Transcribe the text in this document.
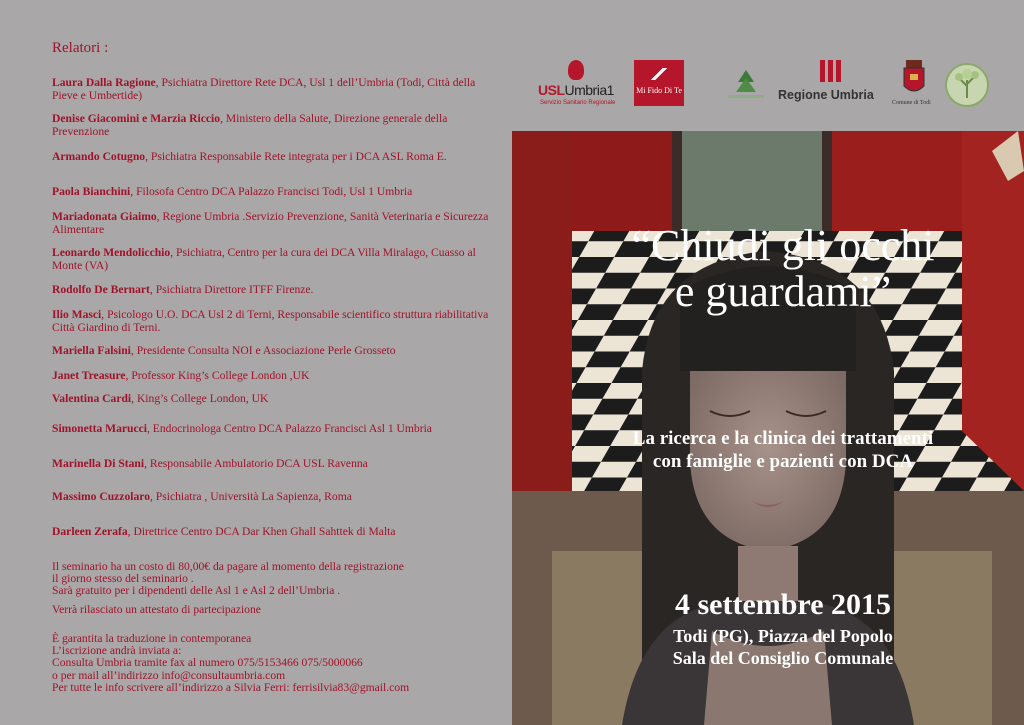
Relatori :

Laura Dalla Ragione, Psichiatra Direttore Rete DCA, Usl 1 dell’Umbria (Todi, Città della Pieve e Umbertide)

Denise Giacomini e Marzia Riccio, Ministero della Salute, Direzione generale della Prevenzione

Armando Cotugno, Psichiatra Responsabile Rete integrata per i DCA ASL Roma E.

Paola Bianchini, Filosofa Centro DCA Palazzo Francisci Todi, Usl 1 Umbria

Mariadonata Giaimo, Regione Umbria .Servizio Prevenzione, Sanità Veterinaria e Sicurezza Alimentare

Leonardo Mendolicchio, Psichiatra, Centro per la cura dei DCA Villa Miralago, Cuasso al Monte (VA)

Rodolfo De Bernart, Psichiatra Direttore ITFF Firenze.

Ilio Masci, Psicologo U.O. DCA Usl 2 di Terni, Responsabile scientifico struttura riabilitativa Città Giardino di Terni.

Mariella Falsini, Presidente Consulta NOI e Associazione Perle Grosseto

Janet Treasure, Professor King’s College London ,UK

Valentina Cardi, King’s College London, UK

Simonetta Marucci, Endocrinologa Centro DCA Palazzo Francisci Asl 1 Umbria

Marinella Di Stani, Responsabile Ambulatorio DCA USL Ravenna

Massimo Cuzzolaro, Psichiatra , Università La Sapienza, Roma

Darleen Zerafa, Direttrice Centro DCA Dar Khen Ghall Sahttek di Malta

Il seminario ha un costo di 80,00€ da pagare al momento della registrazione
il giorno stesso del seminario .
Sarà gratuito per i dipendenti delle Asl 1 e Asl 2 dell’Umbria .
Verrà rilasciato un attestato di partecipazione
È garantita la traduzione in contemporanea
L’iscrizione andrà inviata a:
Consulta Umbria tramite fax al numero 075/5153466 075/5000066
o per mail all’indirizzo info@consultaumbria.com
Per tutte le info scrivere all’indirizzo a Silvia Ferri: ferrisilvia83@gmail.com
USLUmbria1
Servizio Sanitario Regionale
Mi Fido Di Te	Regione Umbria
Comune di Todi
“Chiudi gli occhi
e guardami”
La ricerca e la clinica dei trattamenti
con famiglie e pazienti con DCA
4 settembre 2015
Todi (PG), Piazza del Popolo
Sala del Consiglio Comunale
